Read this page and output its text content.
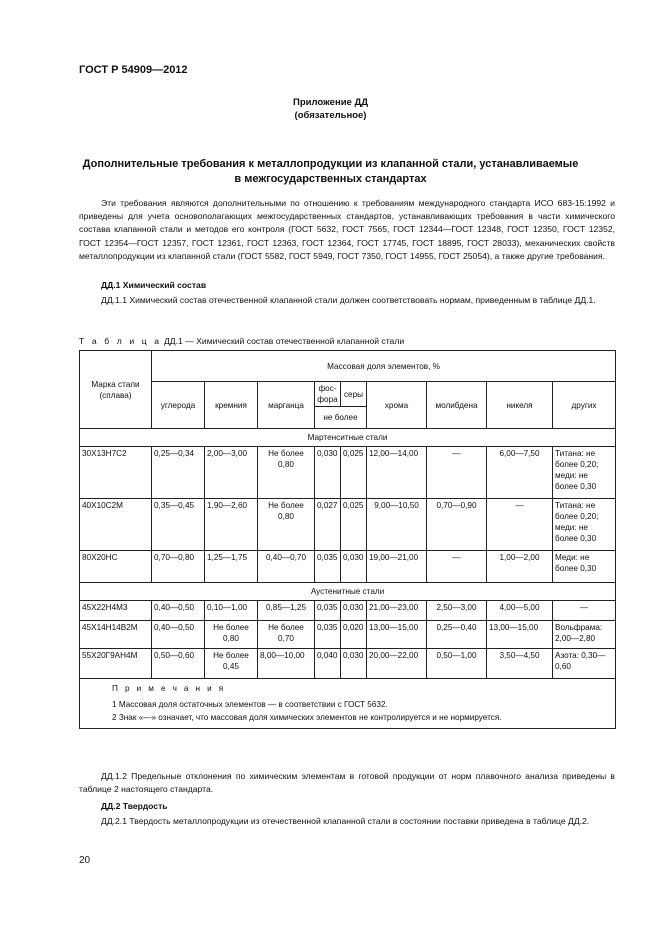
ГОСТ Р 54909—2012
Приложение ДД
(обязательное)
Дополнительные требования к металлопродукции из клапанной стали, устанавливаемые
в межгосударственных стандартах

Эти требования являются дополнительными по отношению к требованиям международного стандарта ИСО 683-15:1992 и приведены для учета основополагающих межгосударственных стандартов, устанавливающих требования в части химического состава клапанной стали и методов его контроля (ГОСТ 5632, ГОСТ 7565, ГОСТ 12344—ГОСТ 12348, ГОСТ 12350, ГОСТ 12352, ГОСТ 12354—ГОСТ 12357, ГОСТ 12361, ГОСТ 12363, ГОСТ 12364, ГОСТ 17745, ГОСТ 18895, ГОСТ 28033), механических свойств металлопродукции из клапанной стали (ГОСТ 5582, ГОСТ 5949, ГОСТ 7350, ГОСТ 14955, ГОСТ 25054), а также другие требования.

ДД.1 Химический состав

ДД.1.1 Химический состав отечественной клапанной стали должен соответствовать нормам, приведенным в таблице ДД.1.

Т а б л и ц а ДД.1 — Химический состав отечественной клапанной стали
Марка стали (сплава)	Массовая доля элементов, %								
	углерода	кремния	марганца	фос-фора	серы	хрома	молибдена	никеля	других
				не более					
Мартенситные стали									
30Х13Н7С2	0,25—0,34	2,00—3,00	Не более 0,80	0,030	0,025	12,00—14,00	—	6,00—7,50	Титана: не более 0,20; меди: не более 0,30
40Х10С2М	0,35—0,45	1,90—2,60	Не более 0,80	0,027	0,025	9,00—10,50	0,70—0,90	—	Титана: не более 0,20; меди: не более 0,30
80Х20НС	0,70—0,80	1,25—1,75	0,40—0,70	0,035	0,030	19,00—21,00	—	1,00—2,00	Меди: не более 0,30
Аустенитные стали									
45Х22Н4М3	0,40—0,50	0,10—1,00	0,85—1,25	0,035	0,030	21,00—23,00	2,50—3,00	4,00—5,00	—
45Х14Н14В2М	0,40—0,50	Не более 0,80	Не более 0,70	0,035	0,020	13,00—15,00	0,25—0,40	13,00—15,00	Вольфрама: 2,00—2,80
55Х20Г9АН4М	0,50—0,60	Не более 0,45	8,00—10,00	0,040	0,030	20,00—22,00	0,50—1,00	3,50—4,50	Азота: 0,30—0,60

П р и м е ч а н и я
1 Массовая доля остаточных элементов — в соответствии с ГОСТ 5632.
2 Знак «—» означает, что массовая доля химических элементов не контролируется и не нормируется.									

ДД.1.2 Предельные отклонения по химическим элементам в готовой продукции от норм плавочного анализа приведены в таблице 2 настоящего стандарта.

ДД.2 Твердость

ДД.2.1 Твердость металлопродукции из отечественной клапанной стали в состоянии поставки приведена в таблице ДД.2.

20
